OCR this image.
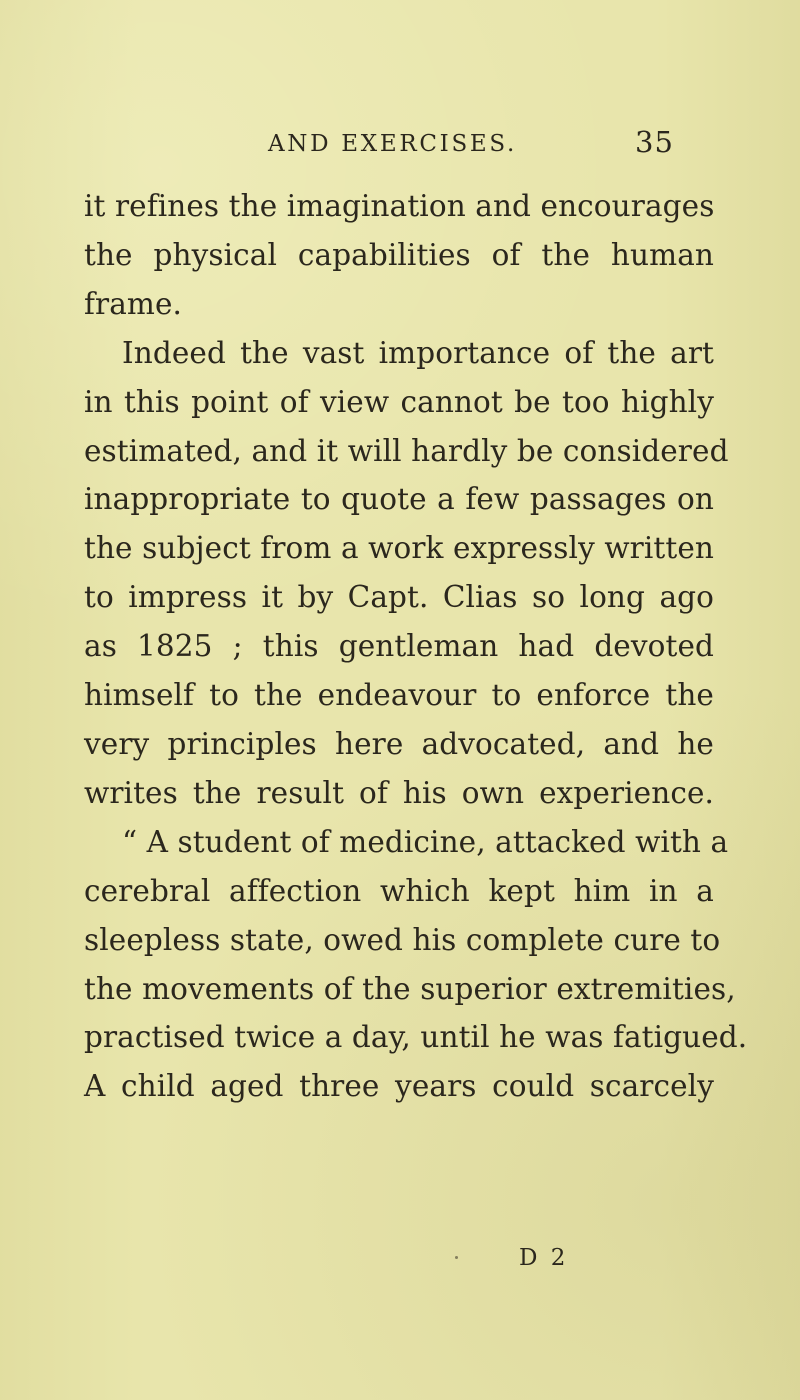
AND EXERCISES.	35
it refines the imagination and encourages
the physical capabilities of the human
frame.
Indeed the vast importance of the art
in this point of view cannot be too highly
estimated, and it will hardly be considered
inappropriate to quote a few passages on
the subject from a work expressly written
to impress it by Capt. Clias so long ago
as 1825 ; this gentleman had devoted
himself to the endeavour to enforce the
very principles here advocated, and he
writes the result of his own experience.
“ A student of medicine, attacked with a
cerebral affection which kept him in a
sleepless state, owed his complete cure to
the movements of the superior extremities,
practised twice a day, until he was fatigued.
A child aged three years could scarcely
D 2
